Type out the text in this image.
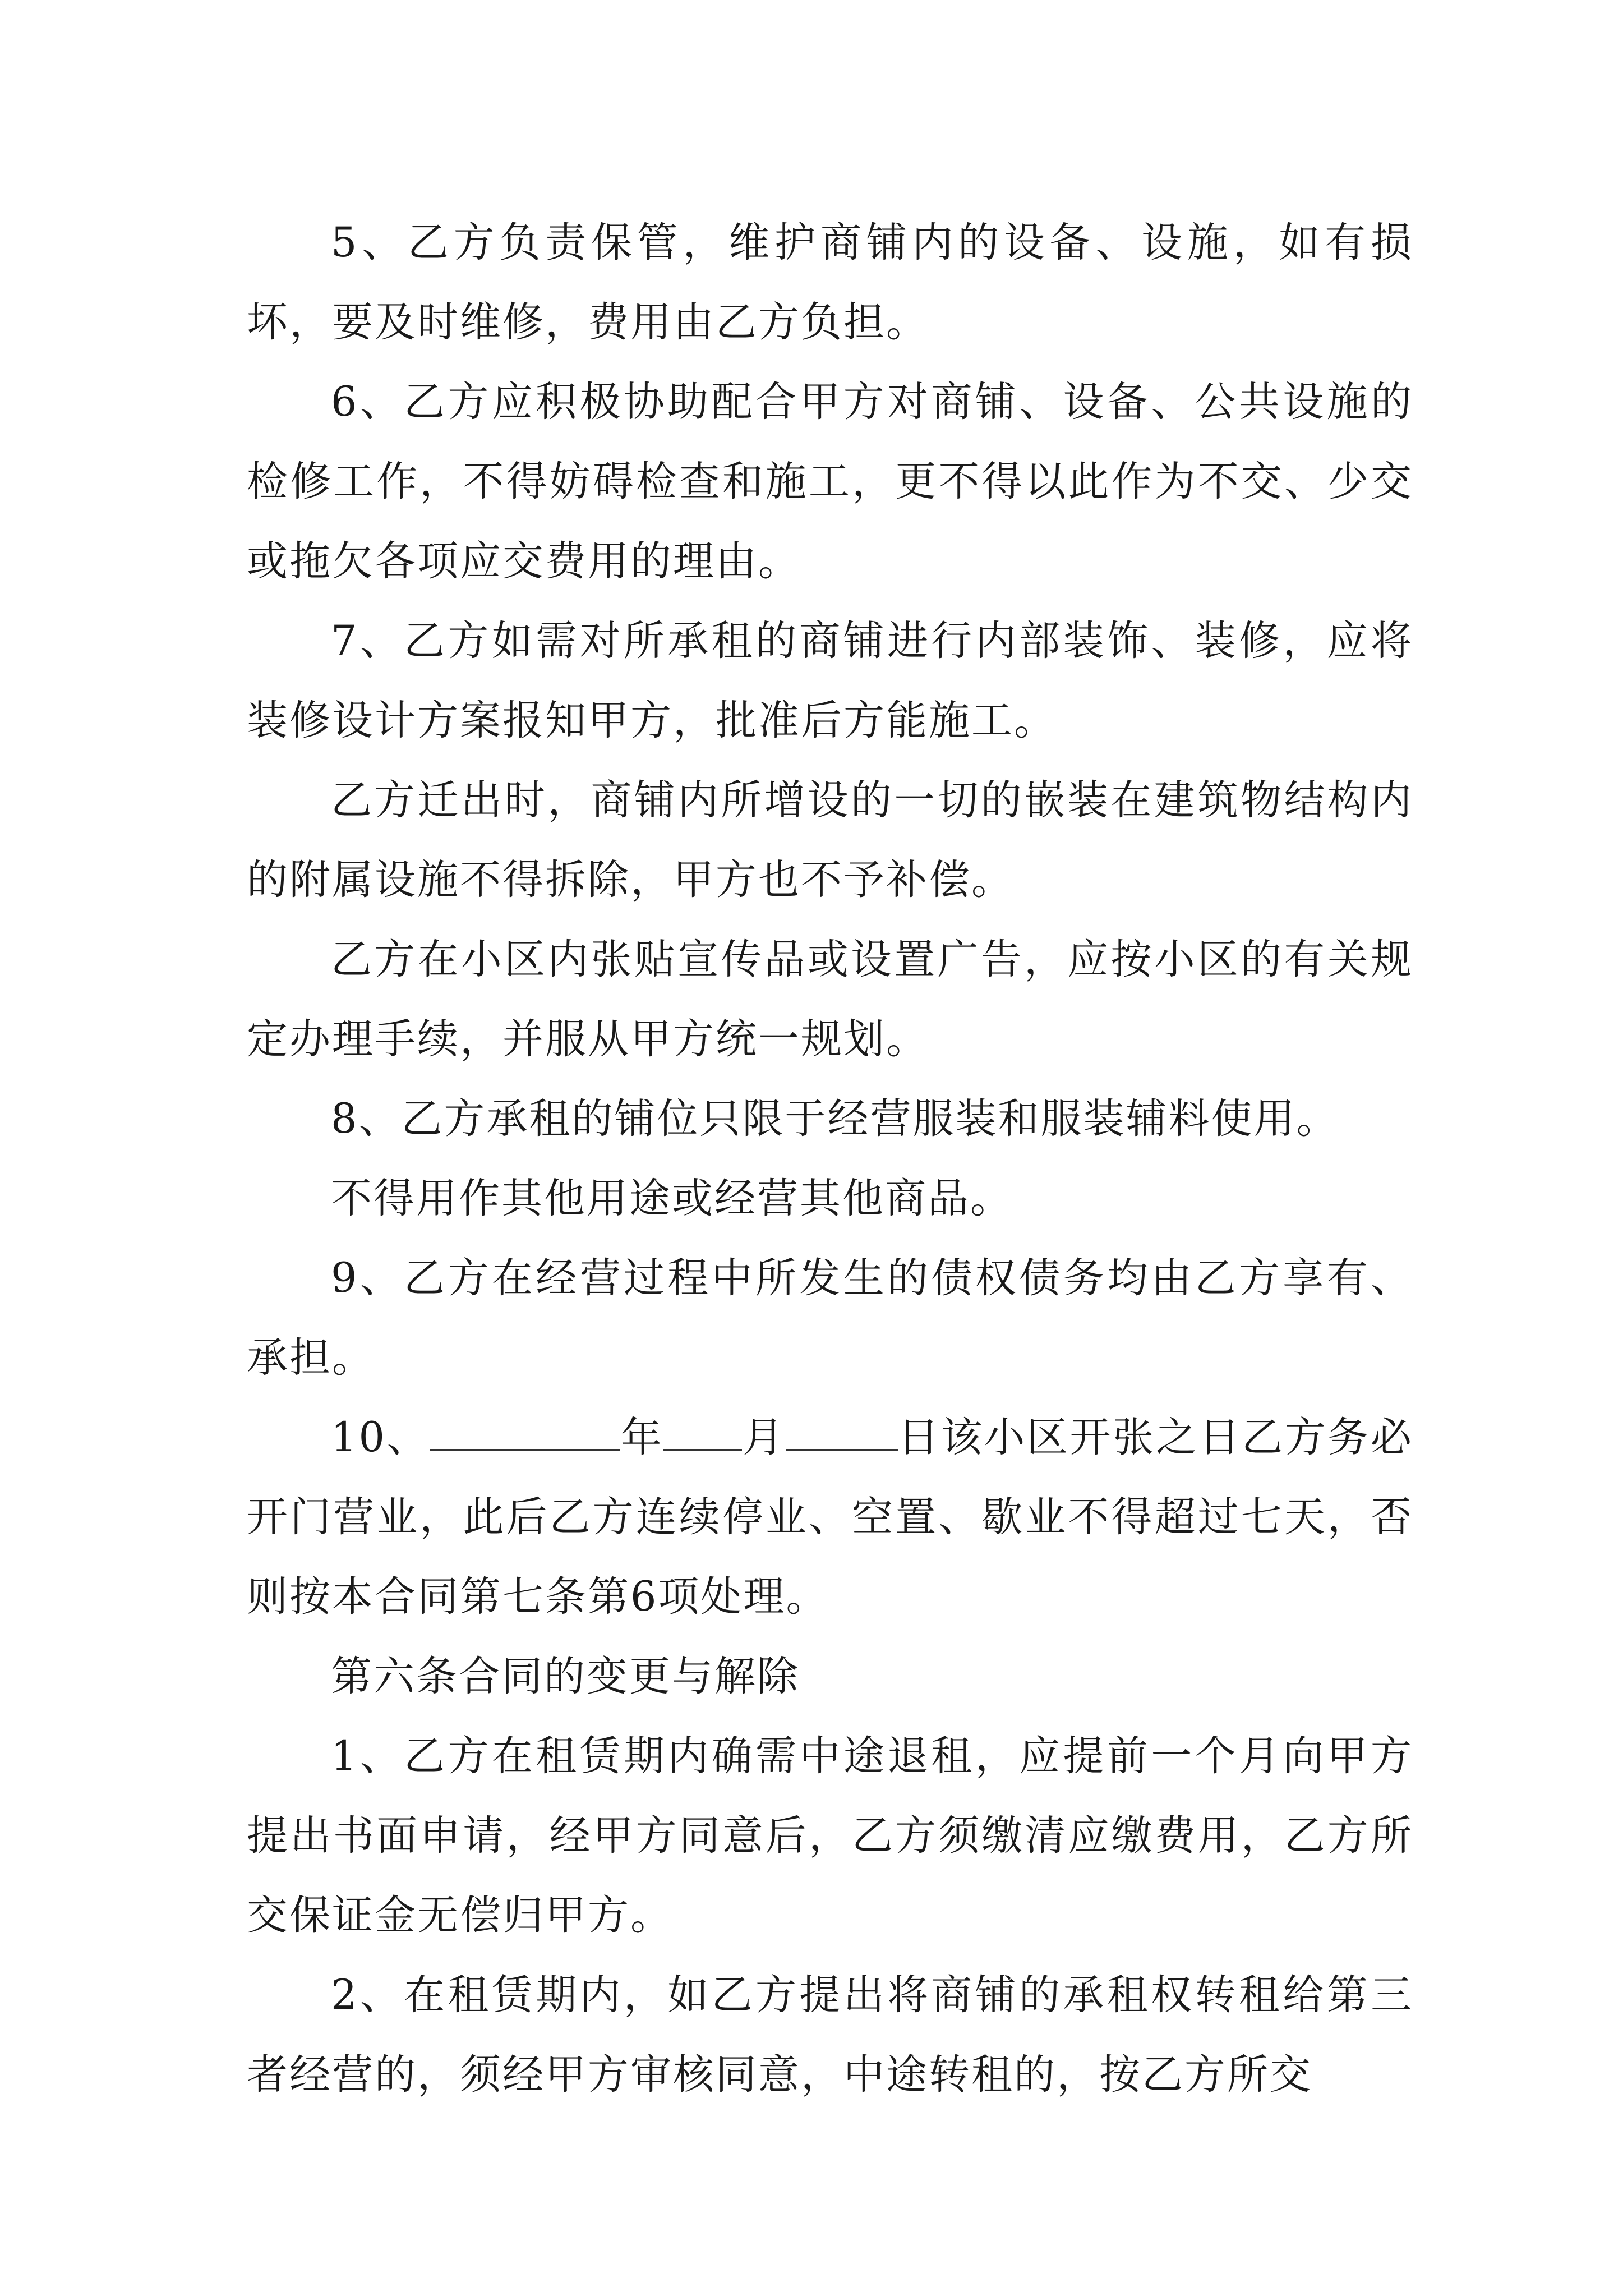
5、乙方负责保管，维护商铺内的设备、设施，如有损坏，要及时维修，费用由乙方负担。

6、乙方应积极协助配合甲方对商铺、设备、公共设施的检修工作，不得妨碍检查和施工，更不得以此作为不交、少交或拖欠各项应交费用的理由。

7、乙方如需对所承租的商铺进行内部装饰、装修，应将装修设计方案报知甲方，批准后方能施工。

乙方迁出时，商铺内所增设的一切的嵌装在建筑物结构内的附属设施不得拆除，甲方也不予补偿。

乙方在小区内张贴宣传品或设置广告，应按小区的有关规定办理手续，并服从甲方统一规划。

8、乙方承租的铺位只限于经营服装和服装辅料使用。

不得用作其他用途或经营其他商品。

9、乙方在经营过程中所发生的债权债务均由乙方享有、承担。

10、	年 月	日该小区开张之日乙方务必开门营业，此后乙方连续停业、空置、歇业不得超过七天，否则按本合同第七条第6项处理。

第六条合同的变更与解除

1、乙方在租赁期内确需中途退租，应提前一个月向甲方提出书面申请，经甲方同意后，乙方须缴清应缴费用，乙方所交保证金无偿归甲方。

2、在租赁期内，如乙方提出将商铺的承租权转租给第三者经营的，须经甲方审核同意，中途转租的，按乙方所交
